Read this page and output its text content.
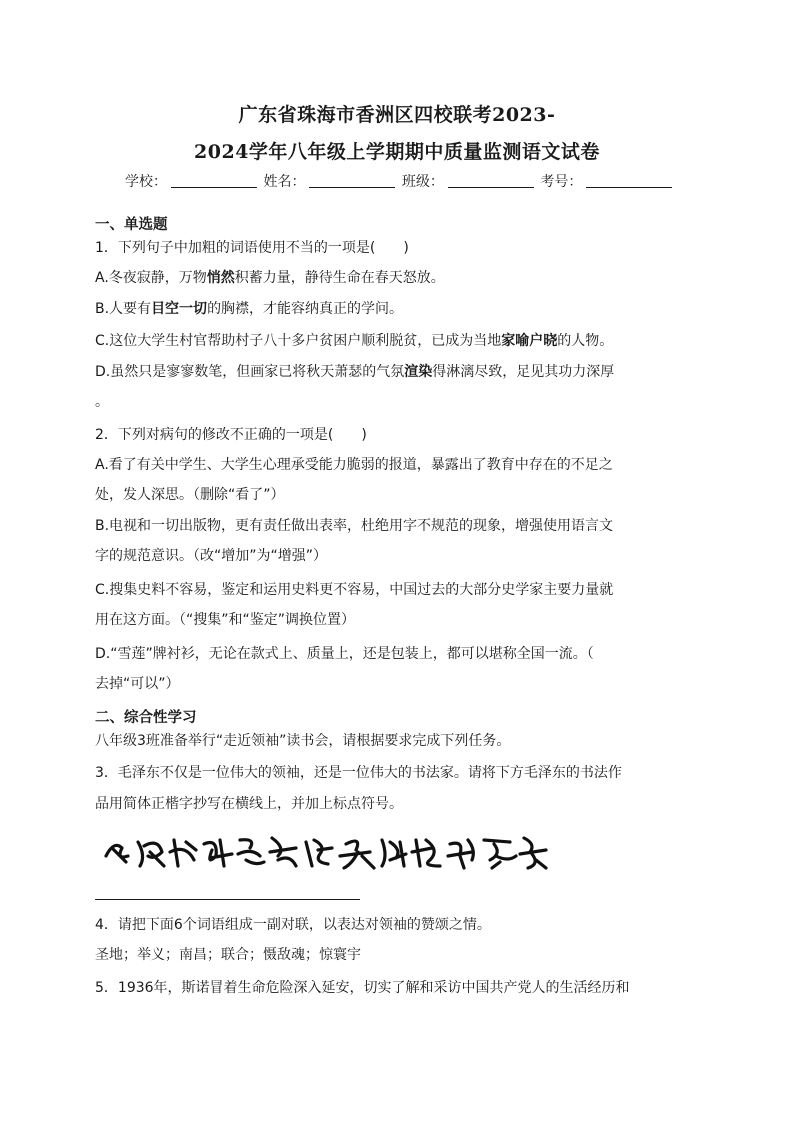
广东省珠海市香洲区四校联考2023-
2024学年八年级上学期期中质量监测语文试卷
学校：	姓名：	班级：	考号：
一、单选题
1．下列句子中加粗的词语使用不当的一项是(　　)
A.冬夜寂静，万物悄然积蓄力量，静待生命在春天怒放。
B.人要有目空一切的胸襟，才能容纳真正的学问。
C.这位大学生村官帮助村子八十多户贫困户顺利脱贫，已成为当地家喻户晓的人物。
D.虽然只是寥寥数笔，但画家已将秋天萧瑟的气氛渲染得淋漓尽致，足见其功力深厚
。
2．下列对病句的修改不正确的一项是(　　)
A.看了有关中学生、大学生心理承受能力脆弱的报道，暴露出了教育中存在的不足之
处，发人深思。（删除“看了”）
B.电视和一切出版物，更有责任做出表率，杜绝用字不规范的现象，增强使用语言文
字的规范意识。（改“增加”为“增强”）
C.搜集史料不容易，鉴定和运用史料更不容易，中国过去的大部分史学家主要力量就
用在这方面。（“搜集”和“鉴定”调换位置）
D.“雪莲”牌衬衫，无论在款式上、质量上，还是包装上，都可以堪称全国一流。（
去掉“可以”）
二、综合性学习
八年级3班准备举行“走近领袖”读书会，请根据要求完成下列任务。
3．毛泽东不仅是一位伟大的领袖，还是一位伟大的书法家。请将下方毛泽东的书法作
品用简体正楷字抄写在横线上，并加上标点符号。
4．请把下面6个词语组成一副对联，以表达对领袖的赞颂之情。
圣地；举义；南昌；联合；慑敌魂；惊寰宇
5．1936年，斯诺冒着生命危险深入延安，切实了解和采访中国共产党人的生活经历和
